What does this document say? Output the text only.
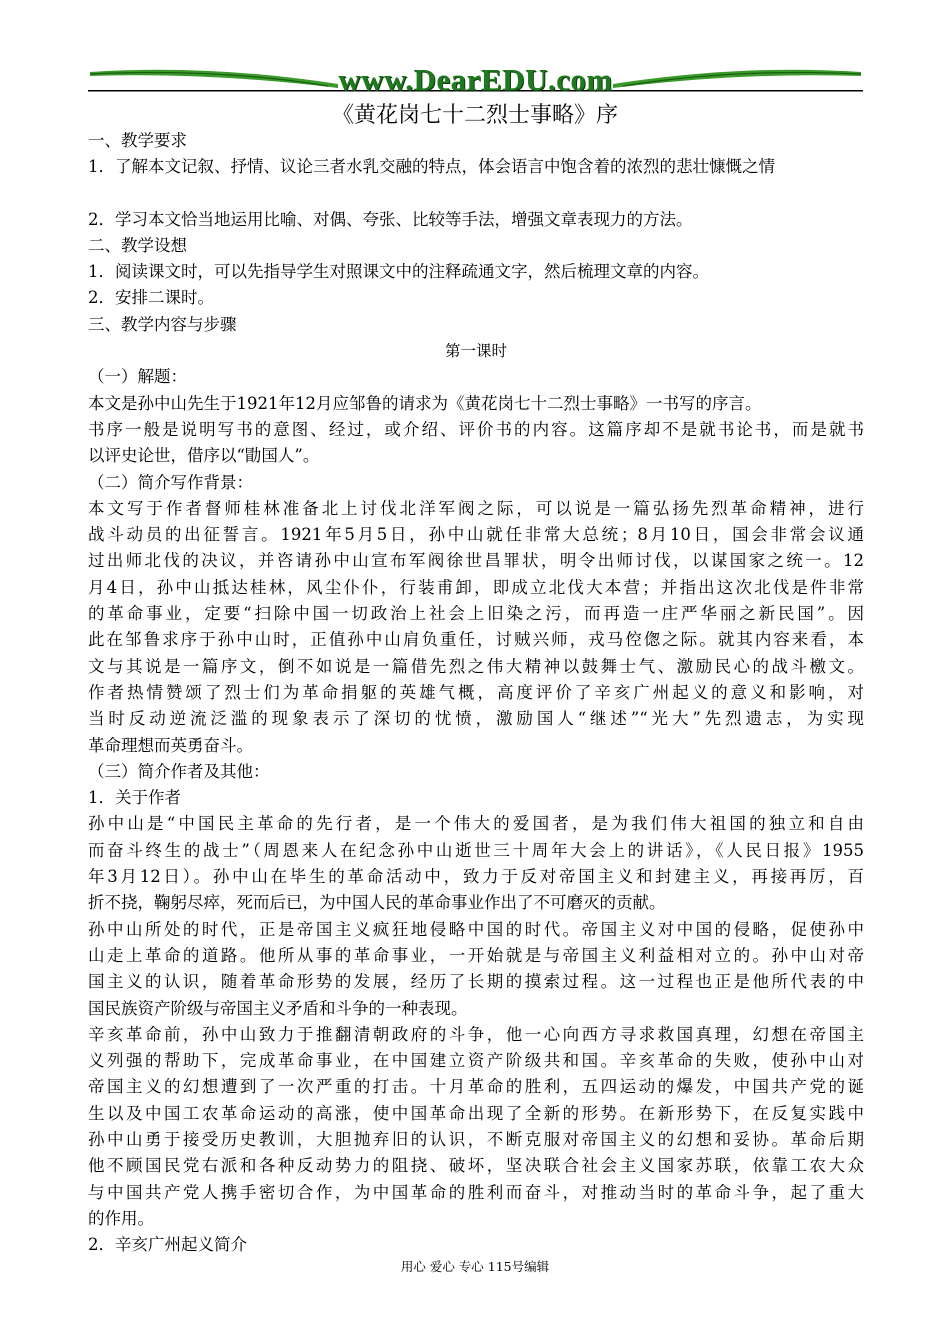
www.DearEDU.com
《黄花岗七十二烈士事略》序

一、教学要求

1．了解本文记叙、抒情、议论三者水乳交融的特点，体会语言中饱含着的浓烈的悲壮慷慨之情

2．学习本文恰当地运用比喻、对偶、夸张、比较等手法，增强文章表现力的方法。

二、教学设想

1．阅读课文时，可以先指导学生对照课文中的注释疏通文字，然后梳理文章的内容。

2．安排二课时。

三、教学内容与步骤

第一课时

（一）解题：

本文是孙中山先生于1921年12月应邹鲁的请求为《黄花岗七十二烈士事略》一书写的序言。

书序一般是说明写书的意图、经过，或介绍、评价书的内容。这篇序却不是就书论书，而是就书

以评史论世，借序以“勖国人”。

（二）简介写作背景：

本文写于作者督师桂林准备北上讨伐北洋军阀之际，可以说是一篇弘扬先烈革命精神，进行

战斗动员的出征誓言。1921年5月5日，孙中山就任非常大总统；8月10日，国会非常会议通

过出师北伐的决议，并咨请孙中山宣布军阀徐世昌罪状，明令出师讨伐，以谋国家之统一。12

月4日，孙中山抵达桂林，风尘仆仆，行装甫卸，即成立北伐大本营；并指出这次北伐是件非常

的革命事业，定要“扫除中国一切政治上社会上旧染之污，而再造一庄严华丽之新民国”。因

此在邹鲁求序于孙中山时，正值孙中山肩负重任，讨贼兴师，戎马倥偬之际。就其内容来看，本

文与其说是一篇序文，倒不如说是一篇借先烈之伟大精神以鼓舞士气、激励民心的战斗檄文。

作者热情赞颂了烈士们为革命捐躯的英雄气概，高度评价了辛亥广州起义的意义和影响，对

当时反动逆流泛滥的现象表示了深切的忧愤，激励国人“继述”“光大”先烈遗志，为实现

革命理想而英勇奋斗。

（三）简介作者及其他：

1．关于作者

孙中山是“中国民主革命的先行者，是一个伟大的爱国者，是为我们伟大祖国的独立和自由

而奋斗终生的战士”（周恩来人在纪念孙中山逝世三十周年大会上的讲话》，《人民日报》1955

年3月12日）。孙中山在毕生的革命活动中，致力于反对帝国主义和封建主义，再接再厉，百

折不挠，鞠躬尽瘁，死而后已，为中国人民的革命事业作出了不可磨灭的贡献。

孙中山所处的时代，正是帝国主义疯狂地侵略中国的时代。帝国主义对中国的侵略，促使孙中

山走上革命的道路。他所从事的革命事业，一开始就是与帝国主义利益相对立的。孙中山对帝

国主义的认识，随着革命形势的发展，经历了长期的摸索过程。这一过程也正是他所代表的中

国民族资产阶级与帝国主义矛盾和斗争的一种表现。

辛亥革命前，孙中山致力于推翻清朝政府的斗争，他一心向西方寻求救国真理，幻想在帝国主

义列强的帮助下，完成革命事业，在中国建立资产阶级共和国。辛亥革命的失败，使孙中山对

帝国主义的幻想遭到了一次严重的打击。十月革命的胜利，五四运动的爆发，中国共产党的诞

生以及中国工农革命运动的高涨，使中国革命出现了全新的形势。在新形势下，在反复实践中

孙中山勇于接受历史教训，大胆抛弃旧的认识，不断克服对帝国主义的幻想和妥协。革命后期

他不顾国民党右派和各种反动势力的阻挠、破坏，坚决联合社会主义国家苏联，依靠工农大众

与中国共产党人携手密切合作，为中国革命的胜利而奋斗，对推动当时的革命斗争，起了重大

的作用。

2．辛亥广州起义简介

用心 爱心 专心 115号编辑
